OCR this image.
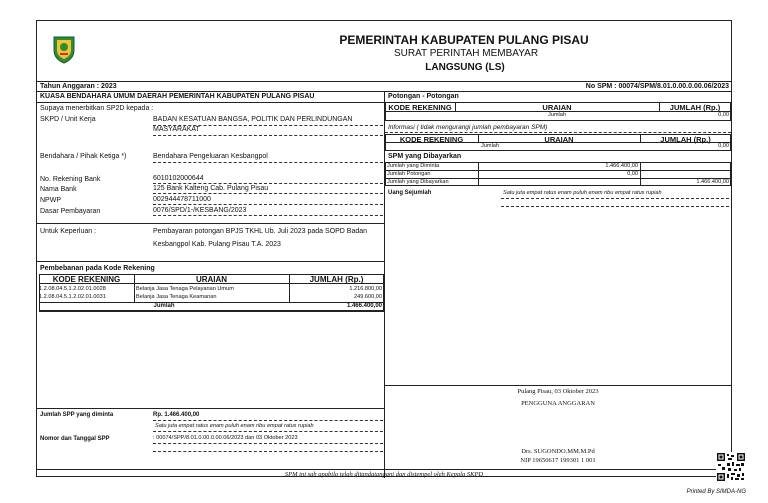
PEMERINTAH KABUPATEN PULANG PISAU
SURAT PERINTAH MEMBAYAR
LANGSUNG (LS)
Tahun Anggaran : 2023	No SPM : 00074/SPM/8.01.0.00.0.00.06/2023
KUASA BENDAHARA UMUM DAERAH PEMERINTAH KABUPATEN PULANG PISAU
Supaya menerbitkan SP2D kepada :
SKPD / Unit Kerja	BADAN KESATUAN BANGSA, POLITIK DAN PERLINDUNGAN
MASYARAKAT
Bendahara / Pihak Ketiga *)	Bendahara Pengeluaran Kesbangpol
No. Rekening Bank	6010102000644
Nama Bank	125 Bank Kalteng Cab. Pulang Pisau
NPWP	002944478711000
Dasar Pembayaran	0076/SPD/1-/KESBANG/2023
Untuk Keperluan :	Pembayaran potongan BPJS TKHL Ub. Juli 2023 pada SOPD Badan
Kesbangpol Kab. Pulang Pisau T.A. 2023
Pembebanan pada Kode Rekening
KODE REKENING	URAIAN	JUMLAH (Rp.)
1.2.08.04.5.1.2.02.01.0028	Belanja Jasa Tenaga Pelayanan Umum	1.216.800,00
1.2.08.04.5.1.2.02.01.0031	Belanja Jasa Tenaga Keamanan	249.600,00
Jumlah	1.466.400,00
Jumlah SPP yang diminta	Rp. 1.466.400,00
Satu juta empat ratus enam puluh enam ribu empat ratus rupiah
Nomor dan Tanggal SPP	: 00074/SPP/8.01.0.00.0.00.06/2023 dan 03 Oktober 2023
Potongan - Potongan
KODE REKENING	URAIAN	JUMLAH (Rp.)
Jumlah	0,00
Informasi ( tidak mengurangi jumlah pembayaran SPM)
KODE REKENING	URAIAN	JUMLAH (Rp.)
Jumlah	0,00
SPM yang Dibayarkan
Jumlah yang Diminta	1.466.400,00
Jumlah Potongan	0,00
Jumlah yang Dibayarkan	1.466.400,00
Uang Sejumlah	Satu juta empat ratus enam puluh enam ribu empat ratus rupiah
Pulang Pisau, 03 Oktober 2023
PENGGUNA ANGGARAN
Drs. SUGONDO.MM.M.Pd
NIP 19650617 199301 1 001
SPM ini sah apabila telah ditandatangani dan distempel oleh Kepala SKPD
Printed By SIMDA-NG
